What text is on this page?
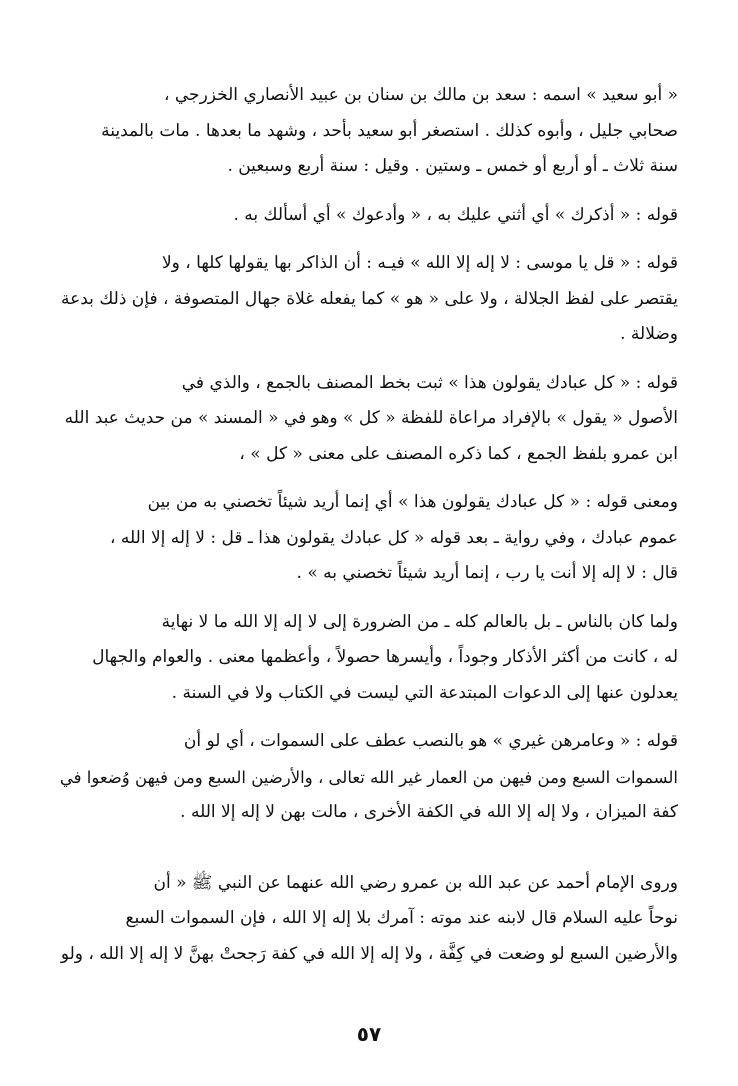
« أبو سعيد » اسمه : سعد بن مالك بن سنان بن عبيد الأنصاري الخزرجي ،
صحابي جليل ، وأبوه كذلك . استصغر أبو سعيد بأحد ، وشهد ما بعدها . مات بالمدينة
سنة ثلاث ـ أو أربع أو خمس ـ وستين . وقيل : سنة أربع وسبعين .
قوله : « أذكرك » أي أثني عليك به ، « وأدعوك » أي أسألك به .
قوله : « قل يا موسى : لا إله إلا الله » فيـه : أن الذاكر بها يقولها كلها ، ولا
يقتصر على لفظ الجلالة ، ولا على « هو » كما يفعله غلاة جهال المتصوفة ، فإن ذلك بدعة
وضلالة .
قوله : « كل عبادك يقولون هذا » ثبت بخط المصنف بالجمع ، والذي في
الأصول « يقول » بالإفراد مراعاة للفظة « كل » وهو في « المسند » من حديث عبد الله
ابن عمرو بلفظ الجمع ، كما ذكره المصنف على معنى « كل » ،
ومعنى قوله : « كل عبادك يقولون هذا » أي إنما أريد شيئاً تخصني به من بين
عموم عبادك ، وفي رواية ـ بعد قوله « كل عبادك يقولون هذا ـ قل : لا إله إلا الله ،
قال : لا إله إلا أنت يا رب ، إنما أريد شيئاً تخصني به » .
ولما كان بالناس ـ بل بالعالم كله ـ من الضرورة إلى لا إله إلا الله ما لا نهاية
له ، كانت من أكثر الأذكار وجوداً ، وأيسرها حصولاً ، وأعظمها معنى . والعوام والجهال
يعدلون عنها إلى الدعوات المبتدعة التي ليست في الكتاب ولا في السنة .
قوله : « وعامرهن غيري » هو بالنصب عطف على السموات ، أي لو أن
السموات السبع ومن فيهن من العمار غير الله تعالى ، والأرضين السبع ومن فيهن وُضعوا في
كفة الميزان ، ولا إله إلا الله في الكفة الأخرى ، مالت بهن لا إله إلا الله .
وروى الإمام أحمد عن عبد الله بن عمرو رضي الله عنهما عن النبي ﷺ « أن
نوحاً عليه السلام قال لابنه عند موته : آمرك بلا إله إلا الله ، فإن السموات السبع
والأرضين السبع لو وضعت في كِفَّة ، ولا إله إلا الله في كفة رَجحتْ بهنَّ لا إله إلا الله ، ولو
٥٧
